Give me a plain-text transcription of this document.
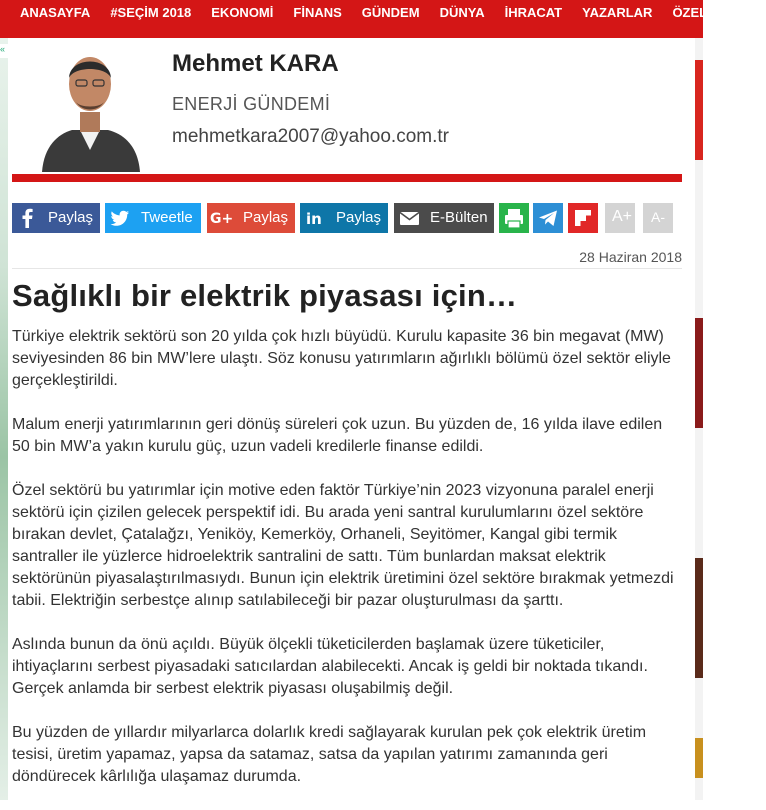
ANASAYFA #SEÇİM 2018 EKONOMİ FİNANS GÜNDEM DÜNYA İHRACAT YAZARLAR ÖZEL DOSYA
«
Mehmet KARA
ENERJİ GÜNDEMİ
mehmetkara2007@yahoo.com.tr
Paylaş	Tweetle G+ Paylaş in Paylaş	E-Bülten	A+ A-
28 Haziran 2018
Sağlıklı bir elektrik piyasası için…

Türkiye elektrik sektörü son 20 yılda çok hızlı büyüdü. Kurulu kapasite 36 bin megavat (MW) seviyesinden 86 bin MW’lere ulaştı. Söz konusu yatırımların ağırlıklı bölümü özel sektör eliyle gerçekleştirildi.

Malum enerji yatırımlarının geri dönüş süreleri çok uzun. Bu yüzden de, 16 yılda ilave edilen 50 bin MW’a yakın kurulu güç, uzun vadeli kredilerle finanse edildi.

Özel sektörü bu yatırımlar için motive eden faktör Türkiye’nin 2023 vizyonuna paralel enerji sektörü için çizilen gelecek perspektif idi. Bu arada yeni santral kurulumlarını özel sektöre bırakan devlet, Çatalağzı, Yeniköy, Kemerköy, Orhaneli, Seyitömer, Kangal gibi termik santraller ile yüzlerce hidroelektrik santralini de sattı. Tüm bunlardan maksat elektrik sektörünün piyasalaştırılmasıydı. Bunun için elektrik üretimini özel sektöre bırakmak yetmezdi tabii. Elektriğin serbestçe alınıp satılabileceği bir pazar oluşturulması da şarttı.

Aslında bunun da önü açıldı. Büyük ölçekli tüketicilerden başlamak üzere tüketiciler, ihtiyaçlarını serbest piyasadaki satıcılardan alabilecekti. Ancak iş geldi bir noktada tıkandı. Gerçek anlamda bir serbest elektrik piyasası oluşabilmiş değil.

Bu yüzden de yıllardır milyarlarca dolarlık kredi sağlayarak kurulan pek çok elektrik üretim tesisi, üretim yapamaz, yapsa da satamaz, satsa da yapılan yatırımı zamanında geri döndürecek kârlılığa ulaşamaz durumda.
